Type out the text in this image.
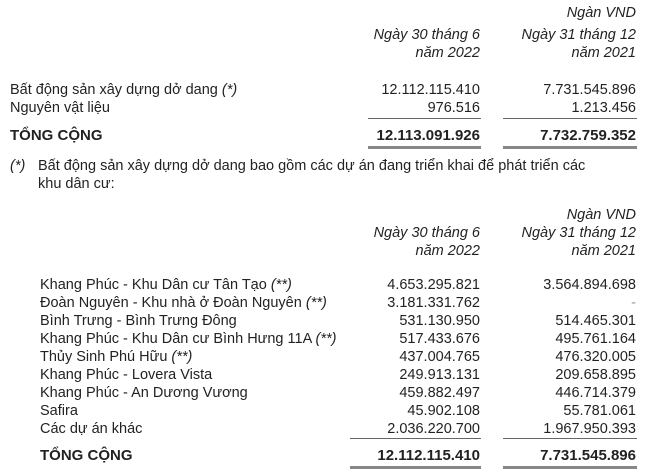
Ngàn VND
Ngày 30 tháng 6
năm 2022
Ngày 31 tháng 12
năm 2021
Bất động sản xây dựng dở dang (*)	12.112.115.410	7.731.545.896
Nguyên vật liệu	976.516	1.213.456
TỔNG CỘNG	12.113.091.926	7.732.759.352
(*) Bất động sản xây dựng dở dang bao gồm các dự án đang triển khai để phát triển các
khu dân cư:
Ngàn VND
Ngày 30 tháng 6
năm 2022
Ngày 31 tháng 12
năm 2021
Khang Phúc - Khu Dân cư Tân Tạo (**)	4.653.295.821	3.564.894.698
Đoàn Nguyên - Khu nhà ở Đoàn Nguyên (**)	3.181.331.762	-
Bình Trưng - Bình Trưng Đông	531.130.950	514.465.301
Khang Phúc - Khu Dân cư Bình Hưng 11A (**)	517.433.676	495.761.164
Thủy Sinh Phú Hữu (**)	437.004.765	476.320.005
Khang Phúc - Lovera Vista	249.913.131	209.658.895
Khang Phúc - An Dương Vương	459.882.497	446.714.379
Safira	45.902.108	55.781.061
Các dự án khác	2.036.220.700	1.967.950.393
TỔNG CỘNG	12.112.115.410	7.731.545.896
